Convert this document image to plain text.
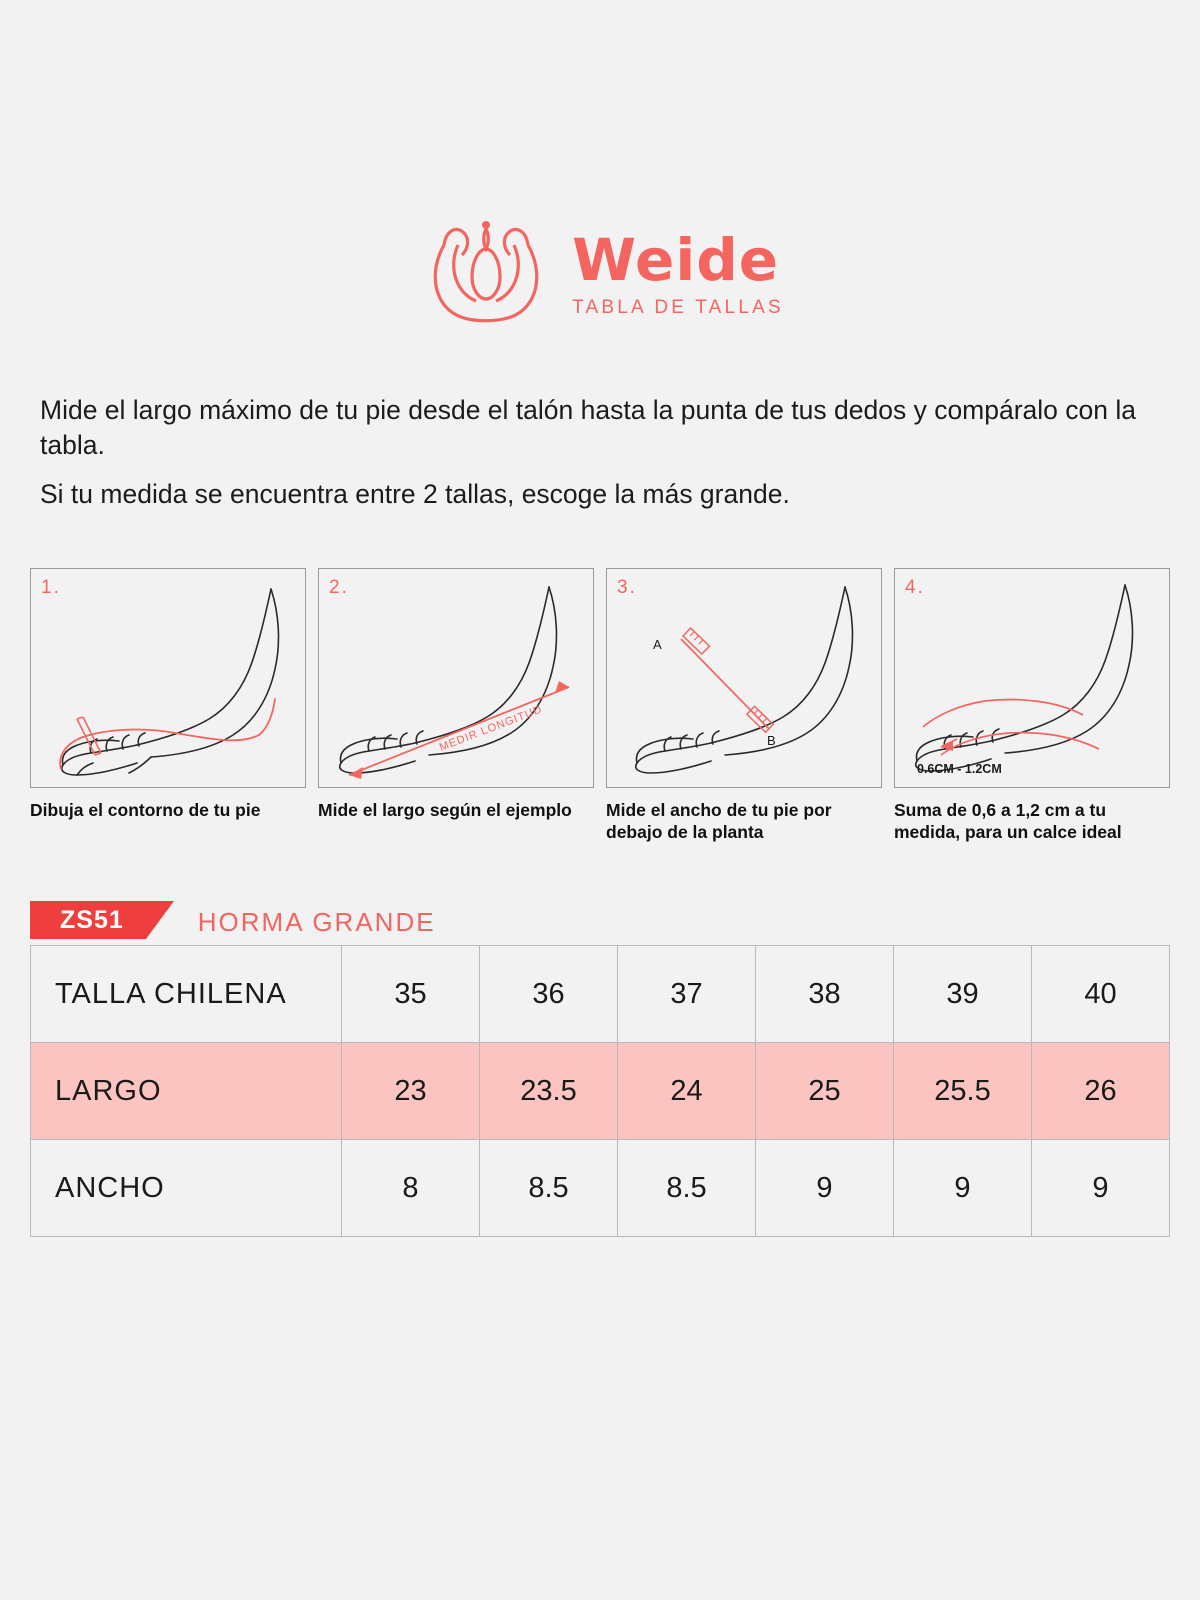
Weide
TABLA DE TALLAS

Mide el largo máximo de tu pie desde el talón hasta la punta de tus dedos y compáralo con la tabla.

Si tu medida se encuentra entre 2 tallas, escoge la más grande.

1.
Dibuja el contorno de tu pie
2.
MEDIR LONGITUD
Mide el largo según el ejemplo
3.
A
B
Mide el ancho de tu pie por debajo de la planta
4.
0.6CM - 1.2CM
Suma de 0,6 a 1,2 cm a tu medida, para un calce ideal
ZS51	HORMA GRANDE
TALLA CHILENA	35	36	37	38	39	40
LARGO	23	23.5	24	25	25.5	26
ANCHO	8	8.5	8.5	9	9	9
